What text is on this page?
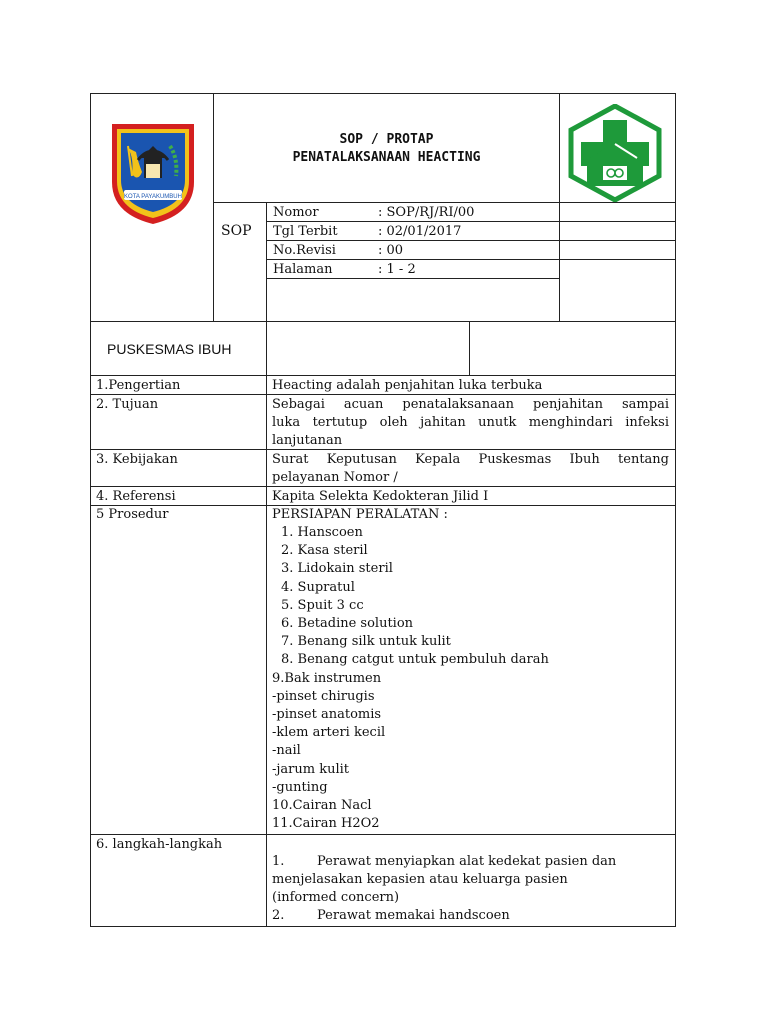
KOTA PAYAKUMBUH
SOP / PROTAP
PENATALAKSANAAN HEACTING
SOP
Nomor	: SOP/RJ/RI/00
Tgl Terbit	: 02/01/2017
No.Revisi	: 00
Halaman	: 1 - 2
PUSKESMAS IBUH
1.Pengertian	Heacting adalah penjahitan luka terbuka
2. Tujuan	Sebagai acuan penatalaksanaan penjahitan sampai
luka tertutup oleh jahitan unutk menghindari infeksi
lanjutanan
3. Kebijakan	Surat Keputusan Kepala Puskesmas Ibuh tentang
pelayanan Nomor /
4. Referensi	Kapita Selekta Kedokteran Jilid I
5 Prosedur	PERSIAPAN PERALATAN :
1. Hanscoen
2. Kasa steril
3. Lidokain steril
4. Supratul
5. Spuit 3 cc
6. Betadine solution
7. Benang silk untuk kulit
8. Benang catgut untuk pembuluh darah
9.Bak instrumen
-pinset chirugis
-pinset anatomis
-klem arteri kecil
-nail
-jarum kulit
-gunting
10.Cairan Nacl
11.Cairan H2O2
6. langkah-langkah
1.	Perawat menyiapkan alat kedekat pasien dan
menjelasakan kepasien atau keluarga pasien
(informed concern)
2.	Perawat memakai handscoen
